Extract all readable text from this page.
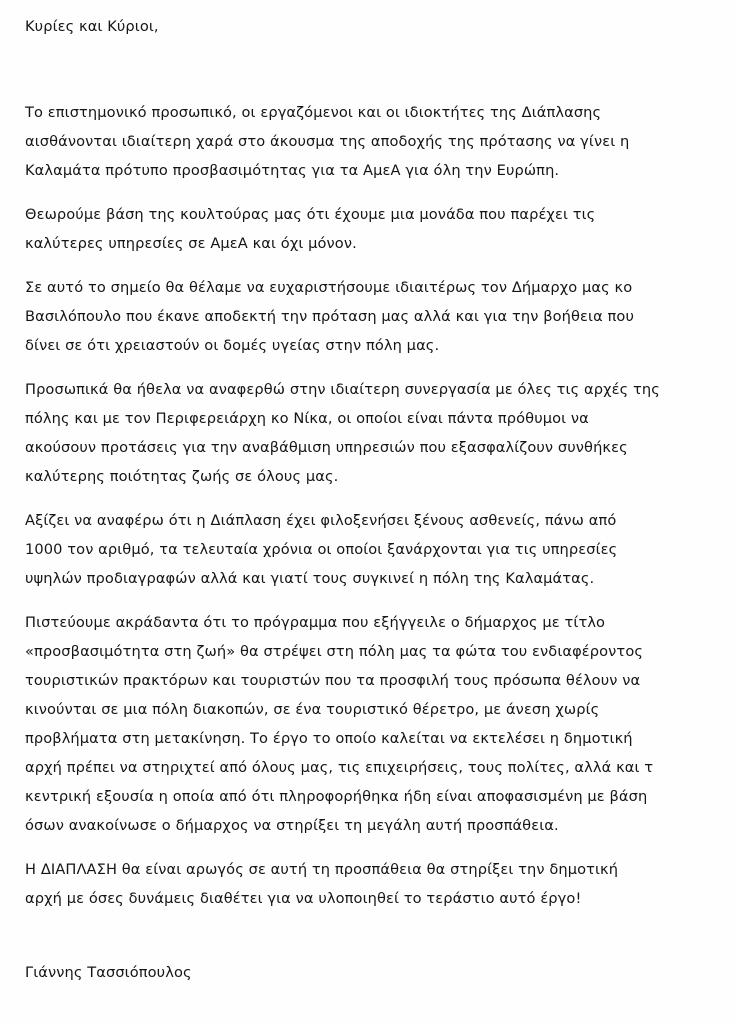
Κυρίες και Κύριοι,
Το επιστημονικό προσωπικό, οι εργαζόμενοι και οι ιδιοκτήτες της Διάπλασης
αισθάνονται ιδιαίτερη χαρά στο άκουσμα της αποδοχής της πρότασης να γίνει η
Καλαμάτα πρότυπο προσβασιμότητας για τα ΑμεΑ για όλη την Ευρώπη.
Θεωρούμε βάση της κουλτούρας μας ότι έχουμε μια μονάδα που παρέχει τις
καλύτερες υπηρεσίες σε ΑμεΑ και όχι μόνον.
Σε αυτό το σημείο θα θέλαμε να ευχαριστήσουμε ιδιαιτέρως τον Δήμαρχο μας κο
Βασιλόπουλο που έκανε αποδεκτή την πρόταση μας αλλά και για την βοήθεια που
δίνει σε ότι χρειαστούν οι δομές υγείας στην πόλη μας.
Προσωπικά θα ήθελα να αναφερθώ στην ιδιαίτερη συνεργασία με όλες τις αρχές της
πόλης και με τον Περιφερειάρχη κο Νίκα, οι οποίοι είναι πάντα πρόθυμοι να
ακούσουν προτάσεις για την αναβάθμιση υπηρεσιών που εξασφαλίζουν συνθήκες
καλύτερης ποιότητας ζωής σε όλους μας.
Αξίζει να αναφέρω ότι η Διάπλαση έχει φιλοξενήσει ξένους ασθενείς, πάνω από
1000 τον αριθμό, τα τελευταία χρόνια οι οποίοι ξανάρχονται για τις υπηρεσίες
υψηλών προδιαγραφών αλλά και γιατί τους συγκινεί η πόλη της Καλαμάτας.
Πιστεύουμε ακράδαντα ότι το πρόγραμμα που εξήγγειλε ο δήμαρχος με τίτλο
«προσβασιμότητα στη ζωή» θα στρέψει στη πόλη μας τα φώτα του ενδιαφέροντος
τουριστικών πρακτόρων και τουριστών που τα προσφιλή τους πρόσωπα θέλουν να
κινούνται σε μια πόλη διακοπών, σε ένα τουριστικό θέρετρο, με άνεση χωρίς
προβλήματα στη μετακίνηση. Το έργο το οποίο καλείται να εκτελέσει η δημοτική
αρχή πρέπει να στηριχτεί από όλους μας, τις επιχειρήσεις, τους πολίτες, αλλά και τ
κεντρική εξουσία η οποία από ότι πληροφορήθηκα ήδη είναι αποφασισμένη με βάση
όσων ανακοίνωσε ο δήμαρχος να στηρίξει τη μεγάλη αυτή προσπάθεια.
Η ΔΙΑΠΛΑΣΗ θα είναι αρωγός σε αυτή τη προσπάθεια θα στηρίξει την δημοτική
αρχή με όσες δυνάμεις διαθέτει για να υλοποιηθεί το τεράστιο αυτό έργο!
Γιάννης Τασσιόπουλος
